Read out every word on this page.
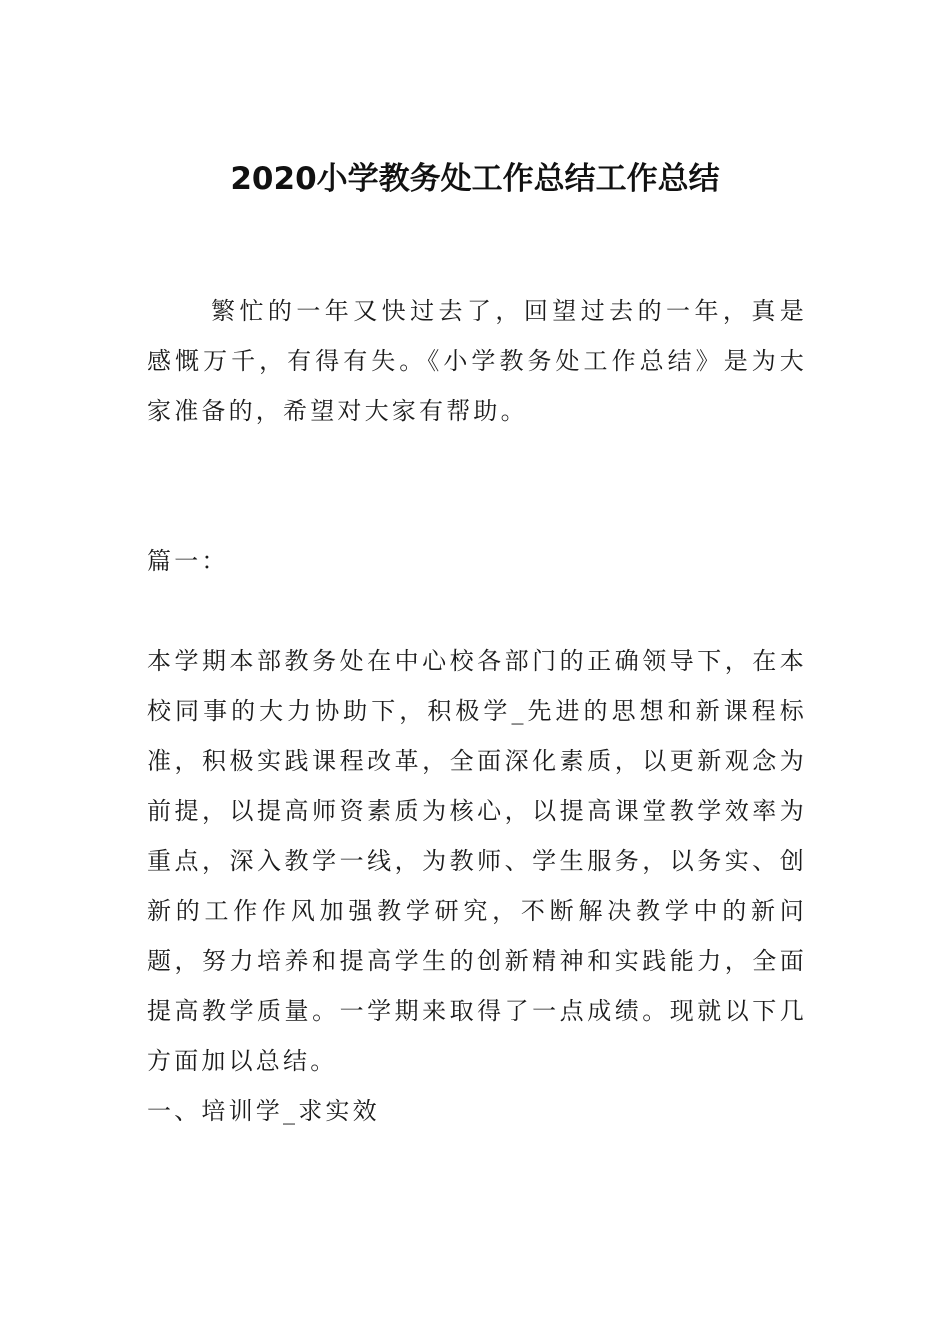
2020小学教务处工作总结工作总结

繁忙的一年又快过去了，回望过去的一年，真是感慨万千，有得有失。《小学教务处工作总结》是为大家准备的，希望对大家有帮助。

篇一：

本学期本部教务处在中心校各部门的正确领导下，在本校同事的大力协助下，积极学_先进的思想和新课程标准，积极实践课程改革，全面深化素质，以更新观念为前提，以提高师资素质为核心，以提高课堂教学效率为重点，深入教学一线，为教师、学生服务，以务实、创新的工作作风加强教学研究，不断解决教学中的新问题，努力培养和提高学生的创新精神和实践能力，全面提高教学质量。一学期来取得了一点成绩。现就以下几方面加以总结。

一、培训学_求实效
